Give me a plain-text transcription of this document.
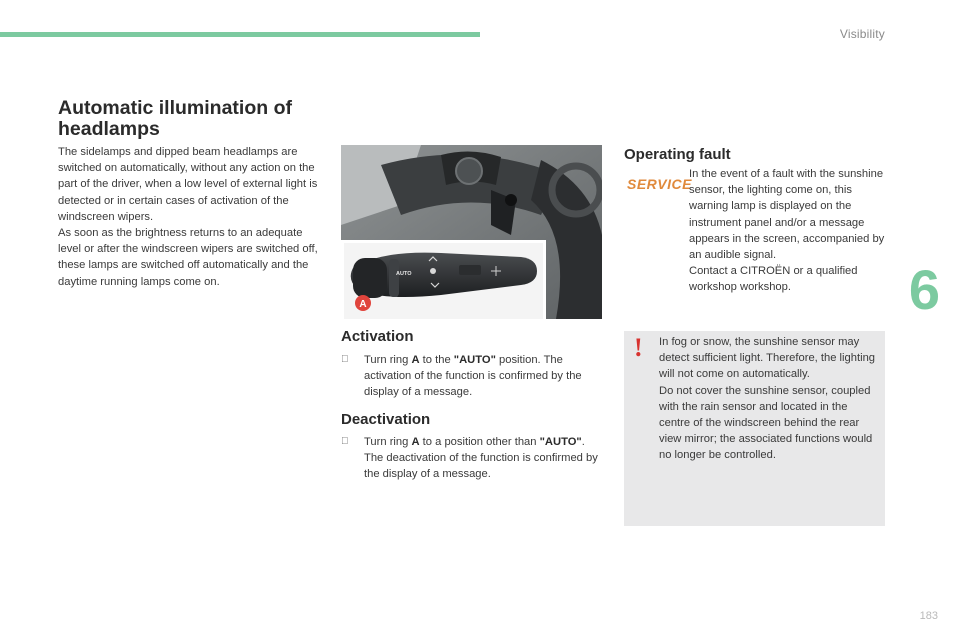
Visibility
6
183
Automatic illumination of headlamps

The sidelamps and dipped beam headlamps are switched on automatically, without any action on the part of the driver, when a low level of external light is detected or in certain cases of activation of the windscreen wipers.

As soon as the brightness returns to an adequate level or after the windscreen wipers are switched off, these lamps are switched off automatically and the daytime running lamps come on.

AUTO
A
Activation
Turn ring A to the "AUTO" position. The activation of the function is confirmed by the display of a message.
Deactivation
Turn ring A to a position other than "AUTO". The deactivation of the function is confirmed by the display of a message.
Operating fault
SERVICE

In the event of a fault with the sunshine sensor, the lighting come on, this warning lamp is displayed on the instrument panel and/or a message appears in the screen, accompanied by an audible signal.

Contact a CITROËN or a qualified workshop workshop.

! In fog or snow, the sunshine sensor may detect sufficient light. Therefore, the lighting will not come on automatically.

Do not cover the sunshine sensor, coupled with the rain sensor and located in the centre of the windscreen behind the rear view mirror; the associated functions would no longer be controlled.
